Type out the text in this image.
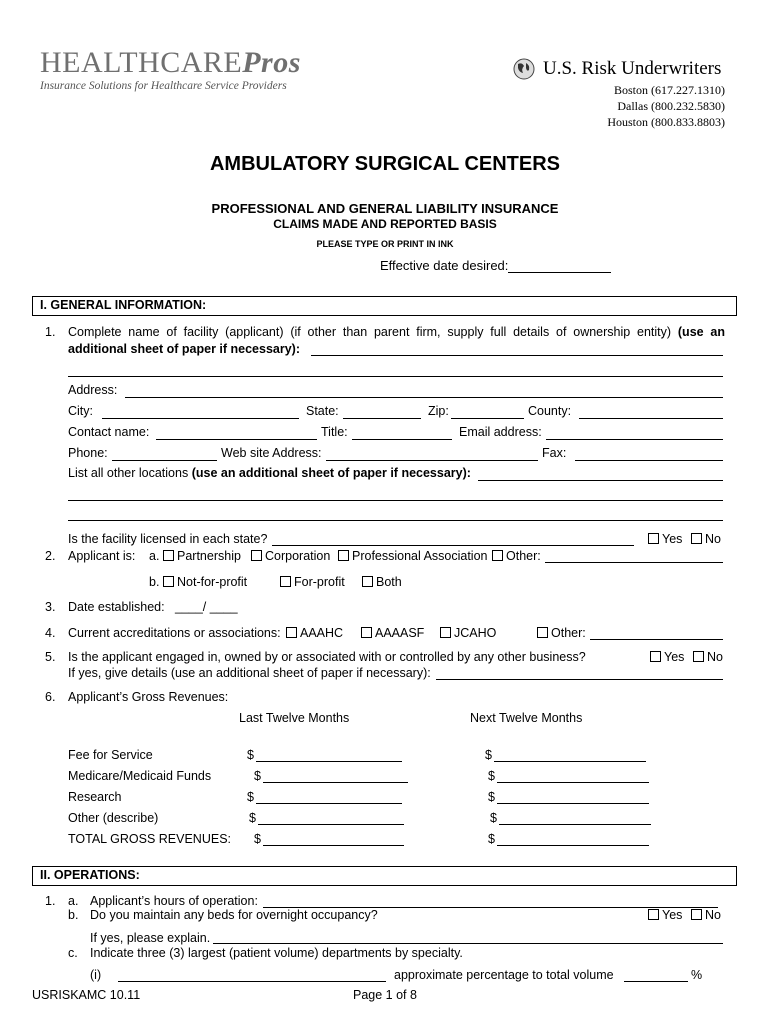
HEALTHCAREPros
Insurance Solutions for Healthcare Service Providers
U.S. Risk Underwriters
Boston (617.227.1310)
Dallas (800.232.5830)
Houston (800.833.8803)
AMBULATORY SURGICAL CENTERS
PROFESSIONAL AND GENERAL LIABILITY INSURANCE
CLAIMS MADE AND REPORTED BASIS
PLEASE TYPE OR PRINT IN INK
Effective date desired:
I. GENERAL INFORMATION:
1. Complete name of facility (applicant) (if other than parent firm, supply full details of ownership entity) (use an
additional sheet of paper if necessary):
Address:
City:	State:	Zip:	County:
Contact name:	Title:	Email address:
Phone:	Web site Address:	Fax:
List all other locations (use an additional sheet of paper if necessary):
Is the facility licensed in each state?	Yes	No
2. Applicant is: a.	Partnership	Corporation	Professional Association	Other:
b.	Not-for-profit	For-profit	Both
3. Date established: ____/ ____
4. Current accreditations or associations:	AAAHC	AAAASF	JCAHO	Other:
5. Is the applicant engaged in, owned by or associated with or controlled by any other business?	Yes	No
If yes, give details (use an additional sheet of paper if necessary):
6. Applicant’s Gross Revenues:
Last Twelve Months	Next Twelve Months
Fee for Service	$	$
Medicare/Medicaid Funds	$	$
Research	$	$
Other (describe)	$	$
TOTAL GROSS REVENUES: $	$
II. OPERATIONS:
1. a. Applicant’s hours of operation:
b. Do you maintain any beds for overnight occupancy?	Yes	No
If yes, please explain.
c. Indicate three (3) largest (patient volume) departments by specialty.
(i)	approximate percentage to total volume	%
USRISKAMC 10.11	Page 1 of 8
